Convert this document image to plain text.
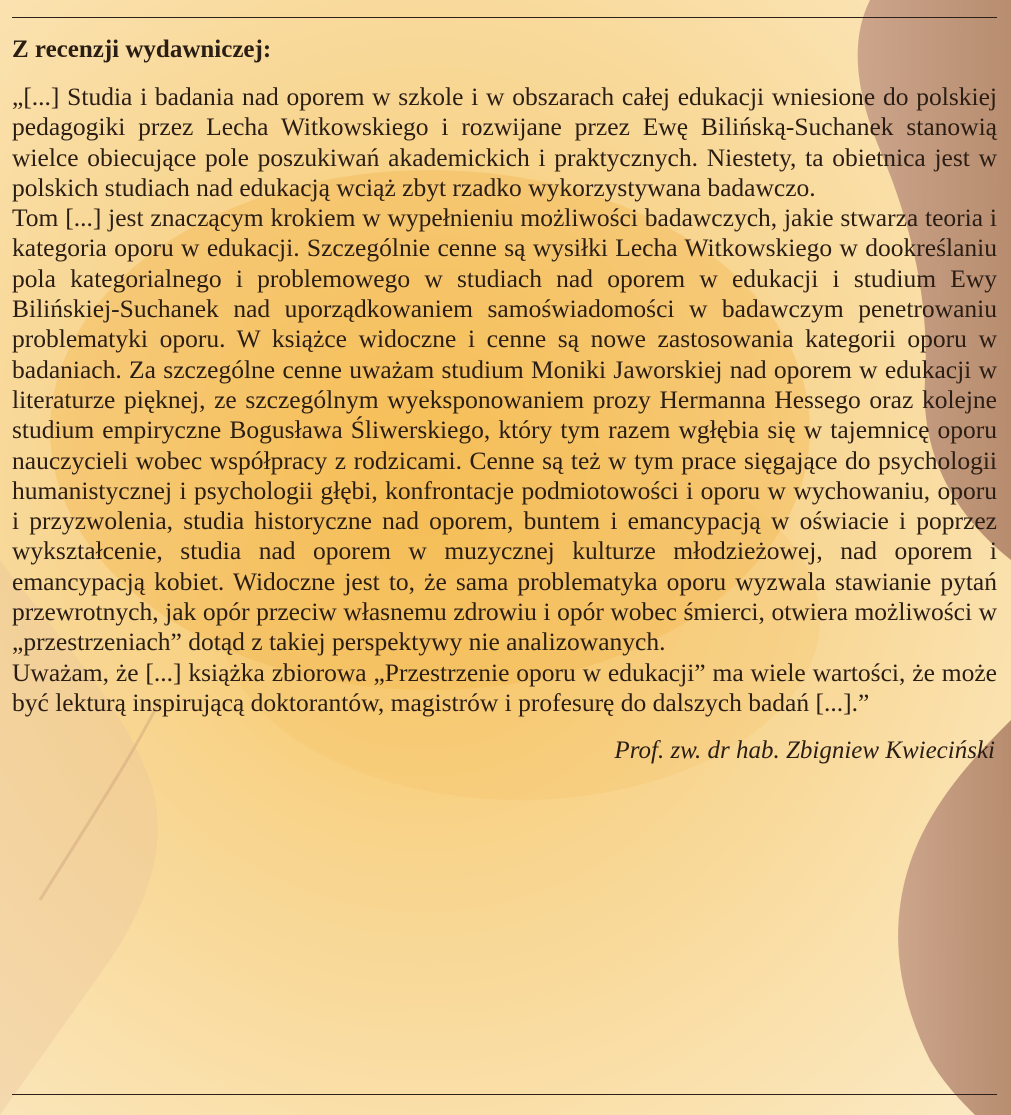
Z recenzji wydawniczej:

„[...] Studia i badania nad oporem w szkole i w obszarach całej edukacji wniesione do polskiej pedagogiki przez Lecha Witkowskiego i rozwijane przez Ewę Bilińską-Suchanek stanowią wielce obiecujące pole poszukiwań akademickich i praktycznych. Niestety, ta obietnica jest w polskich studiach nad edukacją wciąż zbyt rzadko wykorzystywana badawczo.

Tom [...] jest znaczącym krokiem w wypełnieniu możliwości badawczych, jakie stwarza teoria i kategoria oporu w edukacji. Szczególnie cenne są wysiłki Lecha Witkowskiego w dookreślaniu pola kategorialnego i problemowego w studiach nad oporem w edukacji i studium Ewy Bilińskiej-Suchanek nad uporządkowaniem samoświadomości w badawczym penetrowaniu problematyki oporu. W książce widoczne i cenne są nowe zastosowania kategorii oporu w badaniach. Za szczególne cenne uważam studium Moniki Jaworskiej nad oporem w edukacji w literaturze pięknej, ze szczególnym wyeksponowaniem prozy Hermanna Hessego oraz kolejne studium empiryczne Bogusława Śliwerskiego, który tym razem wgłębia się w tajemnicę oporu nauczycieli wobec współpracy z rodzicami. Cenne są też w tym prace sięgające do psychologii humanistycznej i psychologii głębi, konfrontacje podmiotowości i oporu w wychowaniu, oporu i przyzwolenia, studia historyczne nad oporem, buntem i emancypacją w oświacie i poprzez wykształcenie, studia nad oporem w muzycznej kulturze młodzieżowej, nad oporem i emancypacją kobiet. Widoczne jest to, że sama problematyka oporu wyzwala stawianie pytań przewrotnych, jak opór przeciw własnemu zdrowiu i opór wobec śmierci, otwiera możliwości w „przestrzeniach” dotąd z takiej perspektywy nie analizowanych.

Uważam, że [...] książka zbiorowa „Przestrzenie oporu w edukacji” ma wiele wartości, że może być lekturą inspirującą doktorantów, magistrów i profesurę do dalszych badań [...].”

Prof. zw. dr hab. Zbigniew Kwieciński
